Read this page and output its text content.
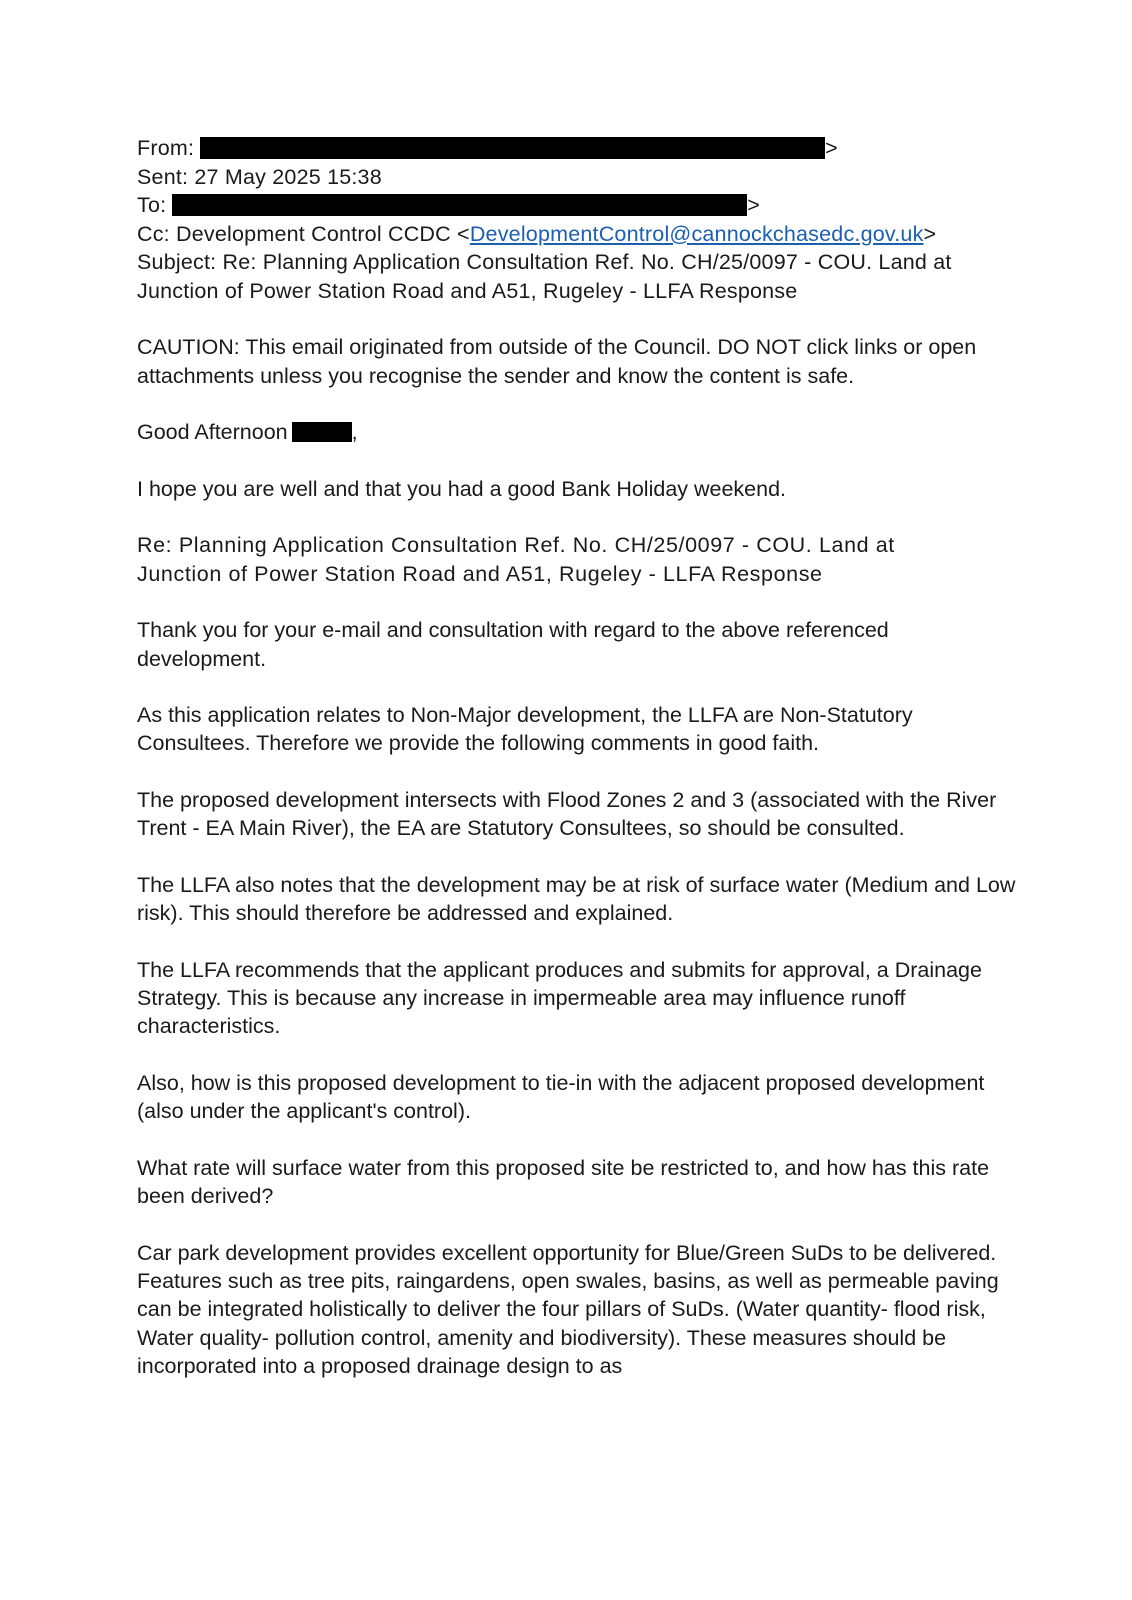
From:	>
Sent: 27 May 2025 15:38
To:	>
Cc: Development Control CCDC <DevelopmentControl@cannockchasedc.gov.uk>
Subject: Re: Planning Application Consultation Ref. No. CH/25/0097 - COU. Land at
Junction of Power Station Road and A51, Rugeley - LLFA Response

CAUTION: This email originated from outside of the Council. DO NOT click links or open attachments unless you recognise the sender and know the content is safe.

Good Afternoon	,

I hope you are well and that you had a good Bank Holiday weekend.

Re: Planning Application Consultation Ref. No. CH/25/0097 - COU. Land at
Junction of Power Station Road and A51, Rugeley - LLFA Response

Thank you for your e-mail and consultation with regard to the above referenced development.

As this application relates to Non-Major development, the LLFA are Non-Statutory Consultees. Therefore we provide the following comments in good faith.

The proposed development intersects with Flood Zones 2 and 3 (associated with the River Trent - EA Main River), the EA are Statutory Consultees, so should be consulted.

The LLFA also notes that the development may be at risk of surface water (Medium and Low risk). This should therefore be addressed and explained.

The LLFA recommends that the applicant produces and submits for approval, a Drainage Strategy. This is because any increase in impermeable area may influence runoff characteristics.

Also, how is this proposed development to tie-in with the adjacent proposed development (also under the applicant's control).

What rate will surface water from this proposed site be restricted to, and how has this rate been derived?

Car park development provides excellent opportunity for Blue/Green SuDs to be delivered. Features such as tree pits, raingardens, open swales, basins, as well as permeable paving can be integrated holistically to deliver the four pillars of SuDs. (Water quantity- flood risk, Water quality- pollution control, amenity and biodiversity). These measures should be incorporated into a proposed drainage design to as
